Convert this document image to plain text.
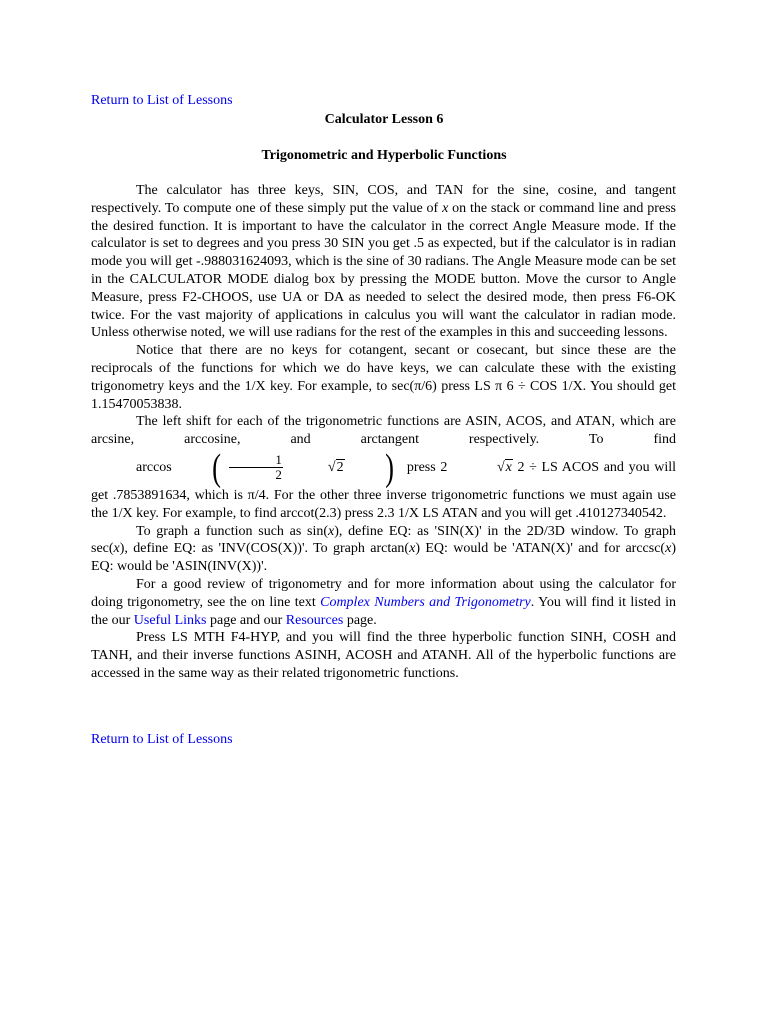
Return to List of Lessons
Calculator Lesson 6
Trigonometric and Hyperbolic Functions

The calculator has three keys, SIN, COS, and TAN for the sine, cosine, and tangent respectively. To compute one of these simply put the value of x on the stack or command line and press the desired function. It is important to have the calculator in the correct Angle Measure mode. If the calculator is set to degrees and you press 30 SIN you get .5 as expected, but if the calculator is in radian mode you will get -.988031624093, which is the sine of 30 radians. The Angle Measure mode can be set in the CALCULATOR MODE dialog box by pressing the MODE button. Move the cursor to Angle Measure, press F2-CHOOS, use UA or DA as needed to select the desired mode, then press F6-OK twice. For the vast majority of applications in calculus you will want the calculator in radian mode. Unless otherwise noted, we will use radians for the rest of the examples in this and succeeding lessons.

Notice that there are no keys for cotangent, secant or cosecant, but since these are the reciprocals of the functions for which we do have keys, we can calculate these with the existing trigonometry keys and the 1/X key. For example, to sec(π/6) press LS π 6 ÷ COS 1/X. You should get 1.15470053838.

The left shift for each of the trigonometric functions are ASIN, ACOS, and ATAN, which are arcsine, arccosine, and arctangent respectively. To find arccos ( $\frac{1}{2}$	√2 ) press 2	√x 2 ÷ LS ACOS and you will get .7853891634, which is π/4. For the other three inverse trigonometric functions we must again use the 1/X key. For example, to find arccot(2.3) press 2.3 1/X LS ATAN and you will get .410127340542.

To graph a function such as sin(x), define EQ: as 'SIN(X)' in the 2D/3D window. To graph sec(x), define EQ: as 'INV(COS(X))'. To graph arctan(x) EQ: would be 'ATAN(X)' and for arccsc(x) EQ: would be 'ASIN(INV(X))'.

For a good review of trigonometry and for more information about using the calculator for doing trigonometry, see the on line text Complex Numbers and Trigonometry. You will find it listed in the our Useful Links page and our Resources page.

Press LS MTH F4-HYP, and you will find the three hyperbolic function SINH, COSH and TANH, and their inverse functions ASINH, ACOSH and ATANH. All of the hyperbolic functions are accessed in the same way as their related trigonometric functions.

Return to List of Lessons
